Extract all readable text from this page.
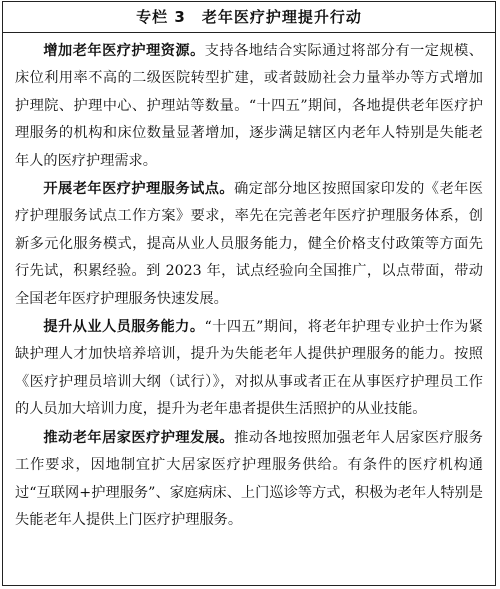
专栏 3　老年医疗护理提升行动

增加老年医疗护理资源。支持各地结合实际通过将部分有一定规模、床位利用率不高的二级医院转型扩建，或者鼓励社会力量举办等方式增加护理院、护理中心、护理站等数量。“十四五”期间，各地提供老年医疗护理服务的机构和床位数量显著增加，逐步满足辖区内老年人特别是失能老年人的医疗护理需求。

开展老年医疗护理服务试点。确定部分地区按照国家印发的《老年医疗护理服务试点工作方案》要求，率先在完善老年医疗护理服务体系，创新多元化服务模式，提高从业人员服务能力，健全价格支付政策等方面先行先试，积累经验。到 2023 年，试点经验向全国推广，以点带面，带动全国老年医疗护理服务快速发展。

提升从业人员服务能力。“十四五”期间，将老年护理专业护士作为紧缺护理人才加快培养培训，提升为失能老年人提供护理服务的能力。按照《医疗护理员培训大纲（试行）》，对拟从事或者正在从事医疗护理员工作的人员加大培训力度，提升为老年患者提供生活照护的从业技能。

推动老年居家医疗护理发展。推动各地按照加强老年人居家医疗服务工作要求，因地制宜扩大居家医疗护理服务供给。有条件的医疗机构通过“互联网+护理服务”、家庭病床、上门巡诊等方式，积极为老年人特别是失能老年人提供上门医疗护理服务。
